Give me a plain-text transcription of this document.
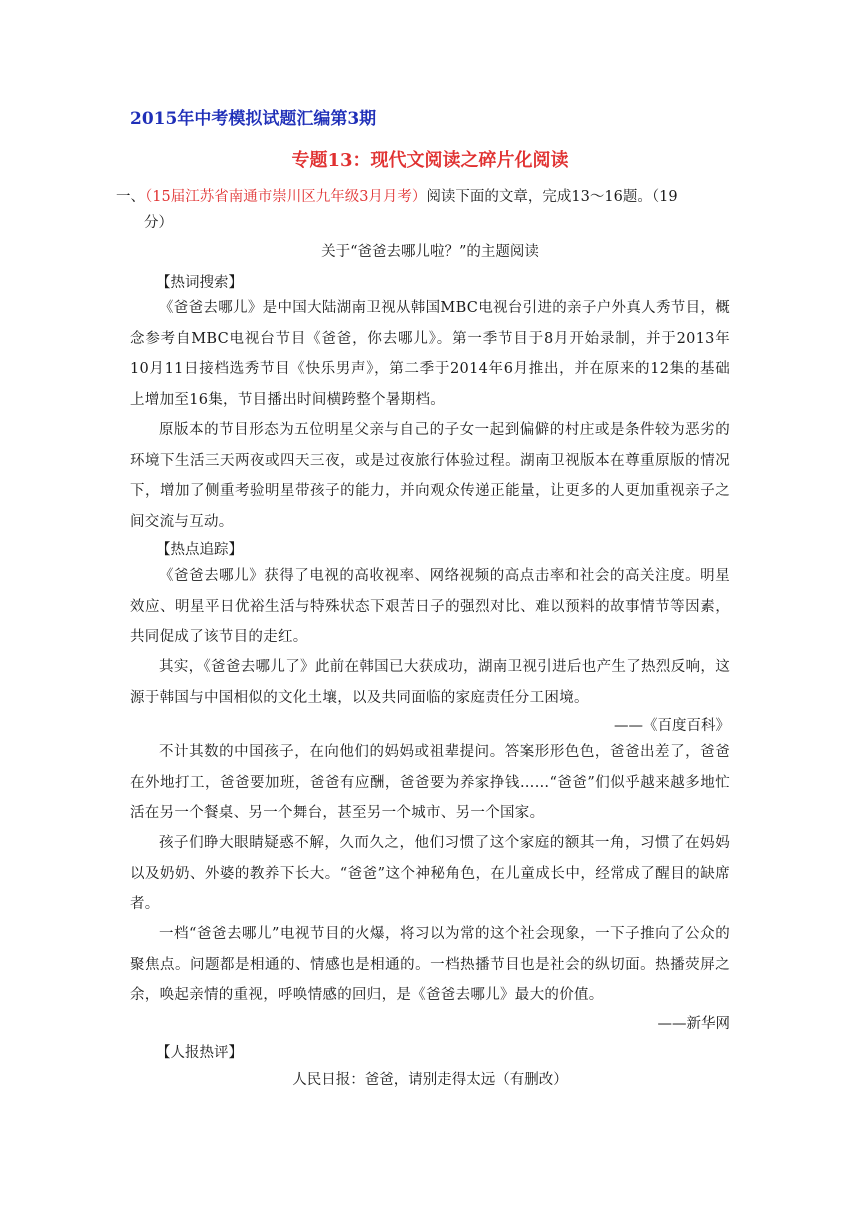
2015年中考模拟试题汇编第3期
专题13：现代文阅读之碎片化阅读
一、（15届江苏省南通市崇川区九年级3月月考）阅读下面的文章，完成13～16题。（19
分）
关于“爸爸去哪儿啦？”的主题阅读
【热词搜索】
《爸爸去哪儿》是中国大陆湖南卫视从韩国MBC电视台引进的亲子户外真人秀节目，概念参考自MBC电视台节目《爸爸，你去哪儿》。第一季节目于8月开始录制，并于2013年10月11日接档选秀节目《快乐男声》，第二季于2014年6月推出，并在原来的12集的基础上增加至16集，节目播出时间横跨整个暑期档。
原版本的节目形态为五位明星父亲与自己的子女一起到偏僻的村庄或是条件较为恶劣的环境下生活三天两夜或四天三夜，或是过夜旅行体验过程。湖南卫视版本在尊重原版的情况下，增加了侧重考验明星带孩子的能力，并向观众传递正能量，让更多的人更加重视亲子之间交流与互动。
【热点追踪】
《爸爸去哪儿》获得了电视的高收视率、网络视频的高点击率和社会的高关注度。明星效应、明星平日优裕生活与特殊状态下艰苦日子的强烈对比、难以预料的故事情节等因素，共同促成了该节目的走红。
其实，《爸爸去哪儿了》此前在韩国已大获成功，湖南卫视引进后也产生了热烈反响，这源于韩国与中国相似的文化土壤，以及共同面临的家庭责任分工困境。
——《百度百科》
不计其数的中国孩子，在向他们的妈妈或祖辈提问。答案形形色色，爸爸出差了，爸爸在外地打工，爸爸要加班，爸爸有应酬，爸爸要为养家挣钱……“爸爸”们似乎越来越多地忙活在另一个餐桌、另一个舞台，甚至另一个城市、另一个国家。
孩子们睁大眼睛疑惑不解，久而久之，他们习惯了这个家庭的额其一角，习惯了在妈妈以及奶奶、外婆的教养下长大。“爸爸”这个神秘角色，在儿童成长中，经常成了醒目的缺席者。
一档“爸爸去哪儿”电视节目的火爆，将习以为常的这个社会现象，一下子推向了公众的聚焦点。问题都是相通的、情感也是相通的。一档热播节目也是社会的纵切面。热播荧屏之余，唤起亲情的重视，呼唤情感的回归，是《爸爸去哪儿》最大的价值。
——新华网
【人报热评】
人民日报：爸爸，请别走得太远（有删改）
